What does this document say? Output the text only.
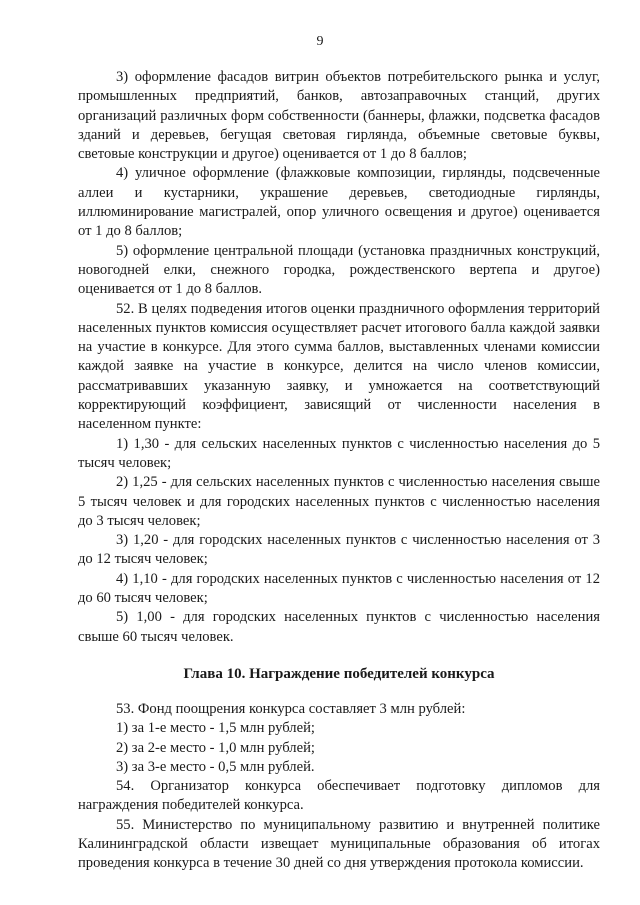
9

3) оформление фасадов витрин объектов потребительского рынка и услуг, промышленных предприятий, банков, автозаправочных станций, других организаций различных форм собственности (баннеры, флажки, подсветка фасадов зданий и деревьев, бегущая световая гирлянда, объемные световые буквы, световые конструкции и другое) оценивается от 1 до 8 баллов;

4) уличное оформление (флажковые композиции, гирлянды, подсвеченные аллеи и кустарники, украшение деревьев, светодиодные гирлянды, иллюминирование магистралей, опор уличного освещения и другое) оценивается от 1 до 8 баллов;

5) оформление центральной площади (установка праздничных конструкций, новогодней елки, снежного городка, рождественского вертепа и другое) оценивается от 1 до 8 баллов.

52. В целях подведения итогов оценки праздничного оформления территорий населенных пунктов комиссия осуществляет расчет итогового балла каждой заявки на участие в конкурсе. Для этого сумма баллов, выставленных членами комиссии каждой заявке на участие в конкурсе, делится на число членов комиссии, рассматривавших указанную заявку, и умножается на соответствующий корректирующий коэффициент, зависящий от численности населения в населенном пункте:

1) 1,30 - для сельских населенных пунктов с численностью населения до 5 тысяч человек;

2) 1,25 - для сельских населенных пунктов с численностью населения свыше 5 тысяч человек и для городских населенных пунктов с численностью населения до 3 тысяч человек;

3) 1,20 - для городских населенных пунктов с численностью населения от 3 до 12 тысяч человек;

4) 1,10 - для городских населенных пунктов с численностью населения от 12 до 60 тысяч человек;

5) 1,00 - для городских населенных пунктов с численностью населения свыше 60 тысяч человек.

Глава 10. Награждение победителей конкурса

53. Фонд поощрения конкурса составляет 3 млн рублей:

1) за 1-е место - 1,5 млн рублей;

2) за 2-е место - 1,0 млн рублей;

3) за 3-е место - 0,5 млн рублей.

54. Организатор конкурса обеспечивает подготовку дипломов для награждения победителей конкурса.

55. Министерство по муниципальному развитию и внутренней политике Калининградской области извещает муниципальные образования об итогах проведения конкурса в течение 30 дней со дня утверждения протокола комиссии.
